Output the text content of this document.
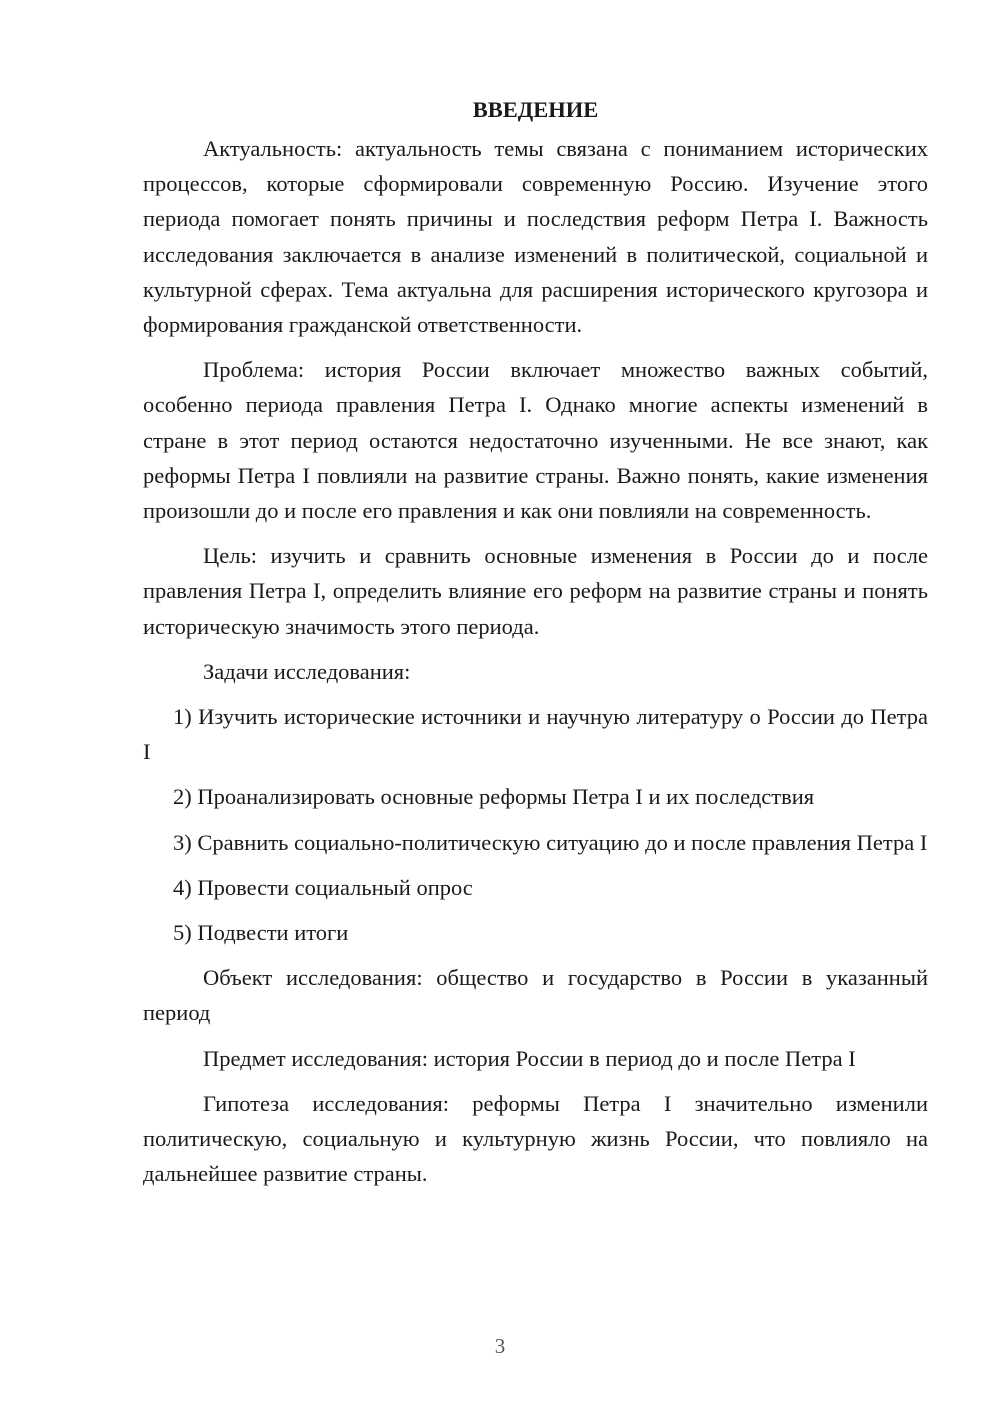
ВВЕДЕНИЕ

Актуальность: актуальность темы связана с пониманием исторических процессов, которые сформировали современную Россию. Изучение этого периода помогает понять причины и последствия реформ Петра I. Важность исследования заключается в анализе изменений в политической, социальной и культурной сферах. Тема актуальна для расширения исторического кругозора и формирования гражданской ответственности.

Проблема: история России включает множество важных событий, особенно периода правления Петра I. Однако многие аспекты изменений в стране в этот период остаются недостаточно изученными. Не все знают, как реформы Петра I повлияли на развитие страны. Важно понять, какие изменения произошли до и после его правления и как они повлияли на современность.

Цель: изучить и сравнить основные изменения в России до и после правления Петра I, определить влияние его реформ на развитие страны и понять историческую значимость этого периода.

Задачи исследования:

1) Изучить исторические источники и научную литературу о России до Петра I

2) Проанализировать основные реформы Петра I и их последствия

3) Сравнить социально-политическую ситуацию до и после правления Петра I

4) Провести социальный опрос

5) Подвести итоги

Объект исследования: общество и государство в России в указанный период

Предмет исследования: история России в период до и после Петра I

Гипотеза исследования: реформы Петра I значительно изменили политическую, социальную и культурную жизнь России, что повлияло на дальнейшее развитие страны.

3
